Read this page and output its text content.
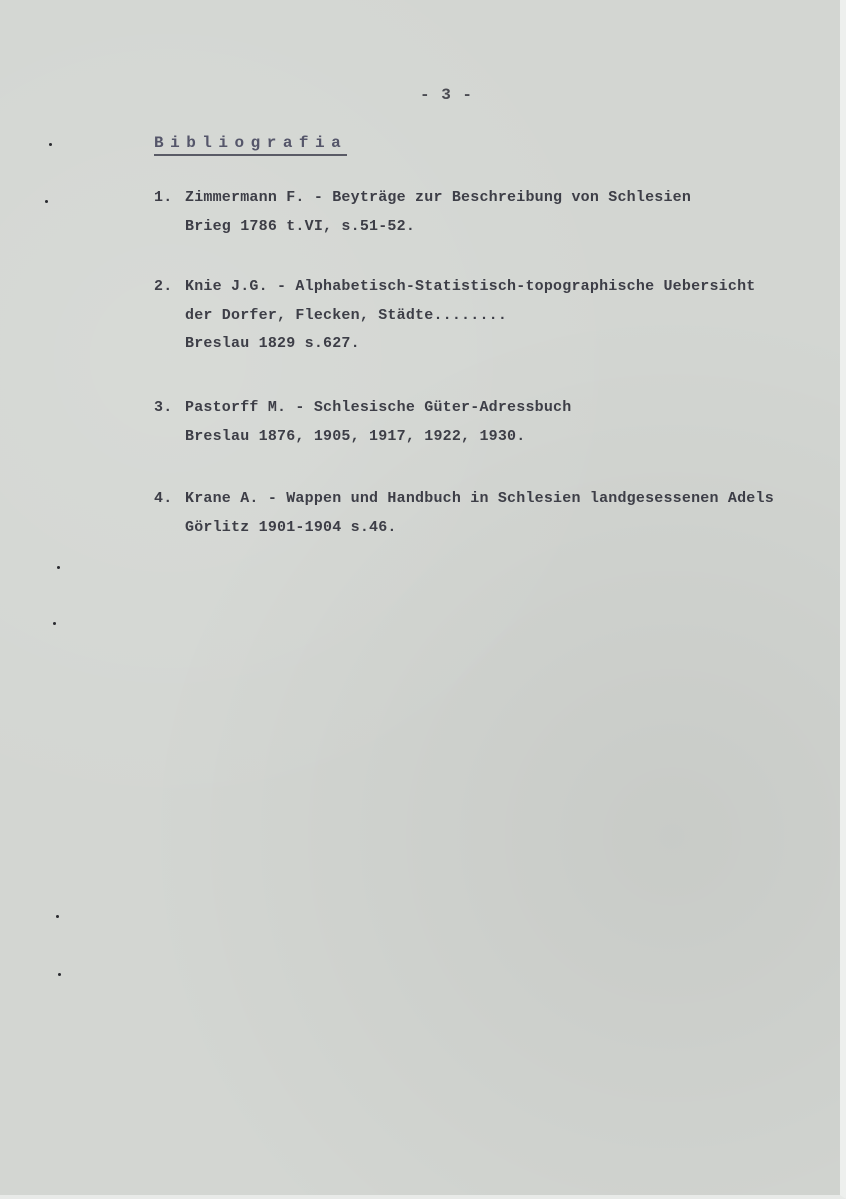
- 3 -
Bibliografia
1. Zimmermann F. - Beyträge zur Beschreibung von Schlesien
Brieg 1786 t.VI, s.51-52.
2. Knie J.G. - Alphabetisch-Statistisch-topographische Uebersicht
der Dorfer, Flecken, Städte........
Breslau 1829 s.627.
3. Pastorff M. - Schlesische Güter-Adressbuch
Breslau 1876, 1905, 1917, 1922, 1930.
4. Krane A. - Wappen und Handbuch in Schlesien landgesessenen Adels
Görlitz 1901-1904 s.46.
